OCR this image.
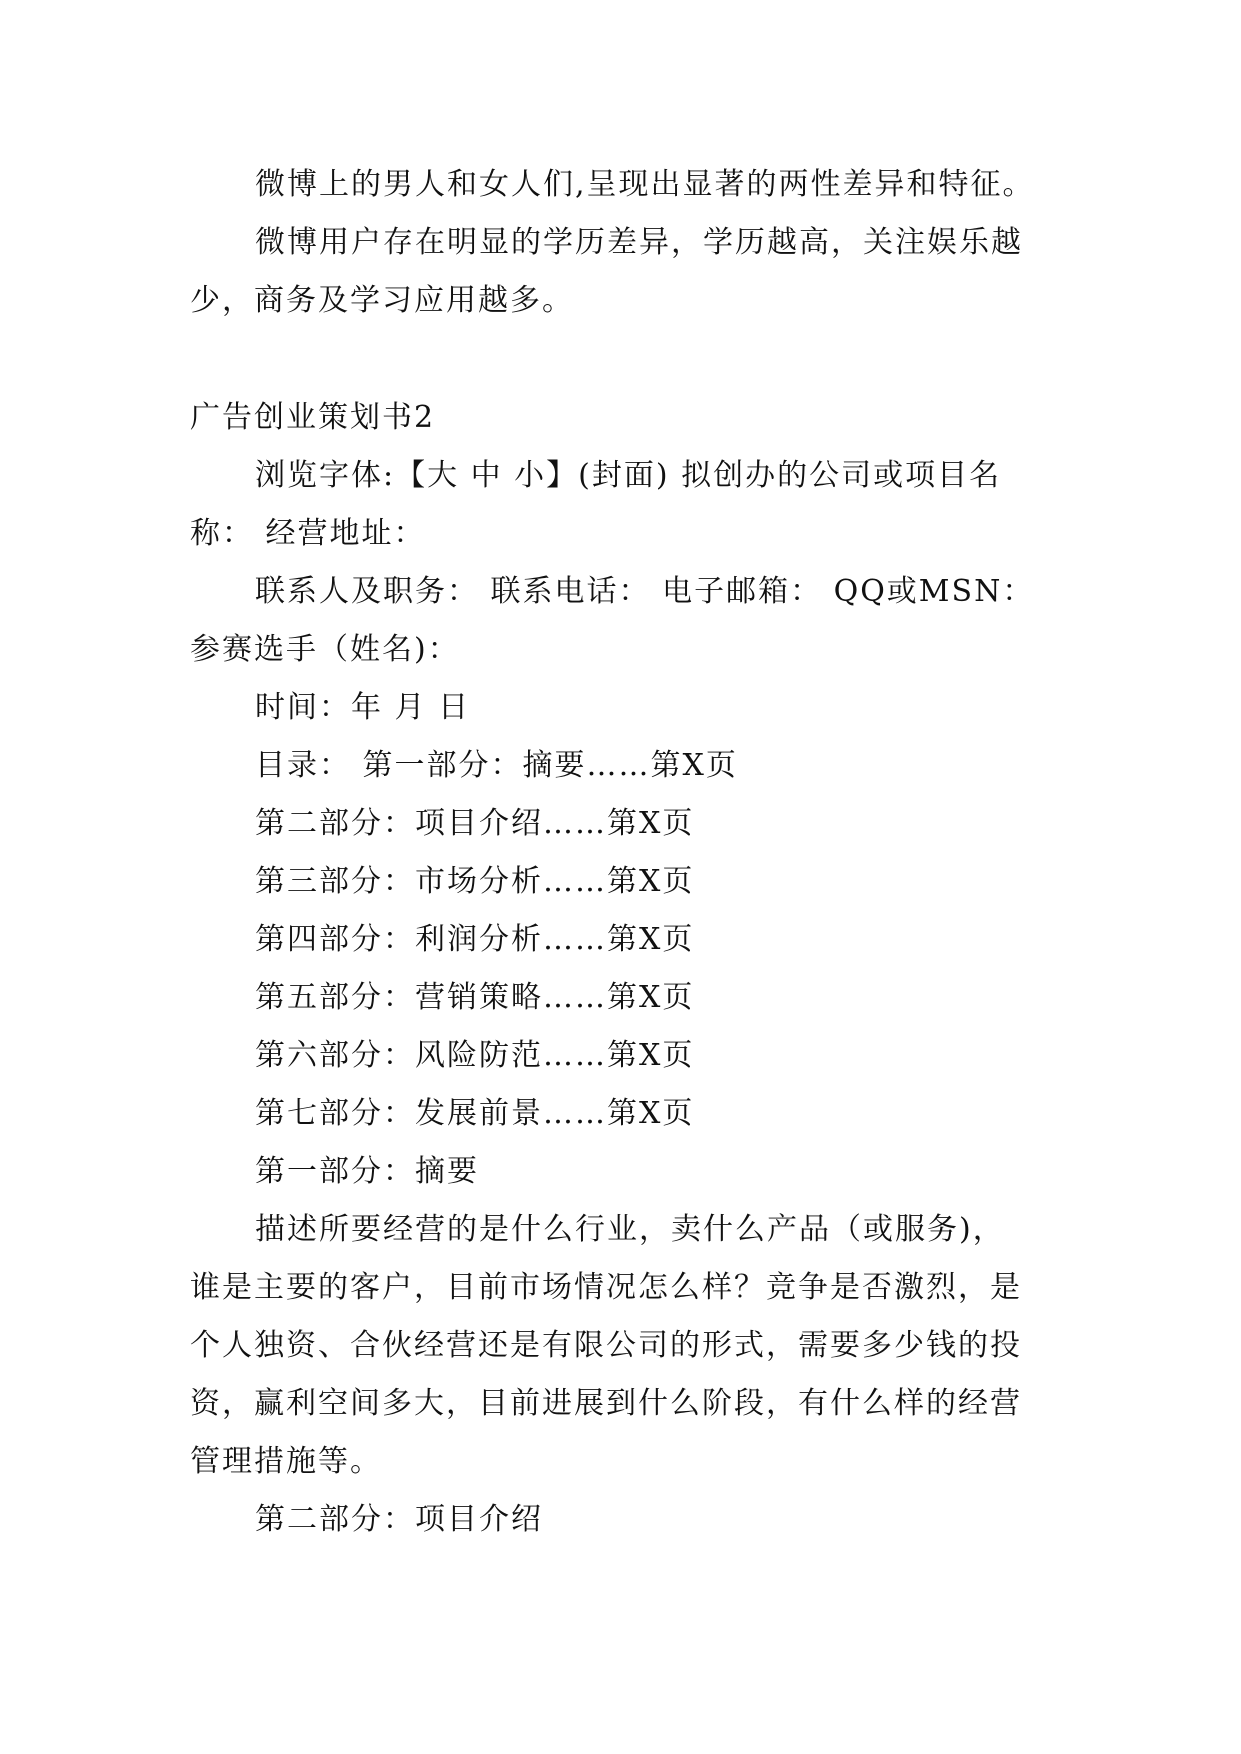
微博上的男人和女人们,呈现出显著的两性差异和特征。
微博用户存在明显的学历差异，学历越高，关注娱乐越
少，商务及学习应用越多。
广告创业策划书2
浏览字体:【大 中 小】(封面) 拟创办的公司或项目名
称： 经营地址：
联系人及职务： 联系电话： 电子邮箱： QQ或MSN：
参赛选手（姓名)：
时间：年 月 日
目录： 第一部分：摘要……第X页
第二部分：项目介绍……第X页
第三部分：市场分析……第X页
第四部分：利润分析……第X页
第五部分：营销策略……第X页
第六部分：风险防范……第X页
第七部分：发展前景……第X页
第一部分：摘要
描述所要经营的是什么行业，卖什么产品（或服务)，
谁是主要的客户，目前市场情况怎么样？竞争是否激烈，是
个人独资、合伙经营还是有限公司的形式，需要多少钱的投
资，赢利空间多大，目前进展到什么阶段，有什么样的经营
管理措施等。
第二部分：项目介绍
